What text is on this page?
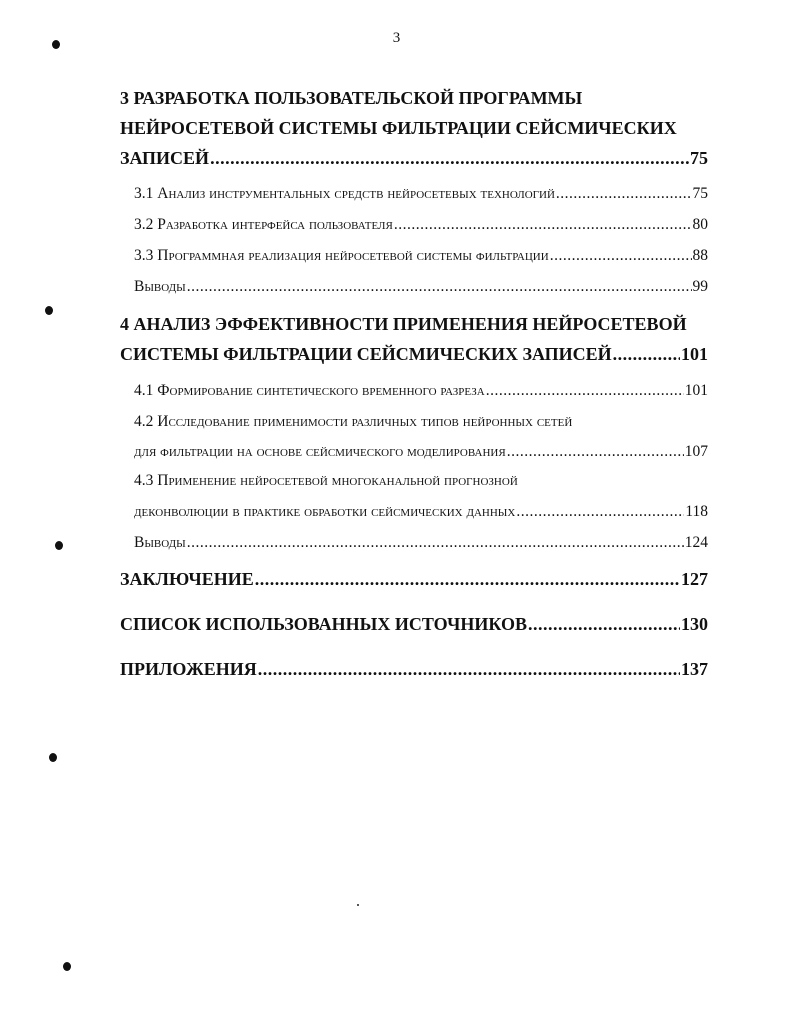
3
3 РАЗРАБОТКА ПОЛЬЗОВАТЕЛЬСКОЙ ПРОГРАММЫ
НЕЙРОСЕТЕВОЙ СИСТЕМЫ ФИЛЬТРАЦИИ СЕЙСМИЧЕСКИХ
ЗАПИСЕЙ .....	75
3.1 Анализ инструментальных средств нейросетевых технологий .....	75
3.2 Разработка интерфейса пользователя .....	80
3.3 Программная реализация нейросетевой системы фильтрации .....	88
Выводы .....	99
4 АНАЛИЗ ЭФФЕКТИВНОСТИ ПРИМЕНЕНИЯ НЕЙРОСЕТЕВОЙ
СИСТЕМЫ ФИЛЬТРАЦИИ СЕЙСМИЧЕСКИХ ЗАПИСЕЙ .....	101
4.1 Формирование синтетического временного разреза .....	101
4.2 Исследование применимости различных типов нейронных сетей
для фильтрации на основе сейсмического моделирования .....	107
4.3 Применение нейросетевой многоканальной прогнозной
деконволюции в практике обработки сейсмических данных .....	118
Выводы .....	124
ЗАКЛЮЧЕНИЕ .....	127
СПИСОК ИСПОЛЬЗОВАННЫХ ИСТОЧНИКОВ .....	130
ПРИЛОЖЕНИЯ .....	137
